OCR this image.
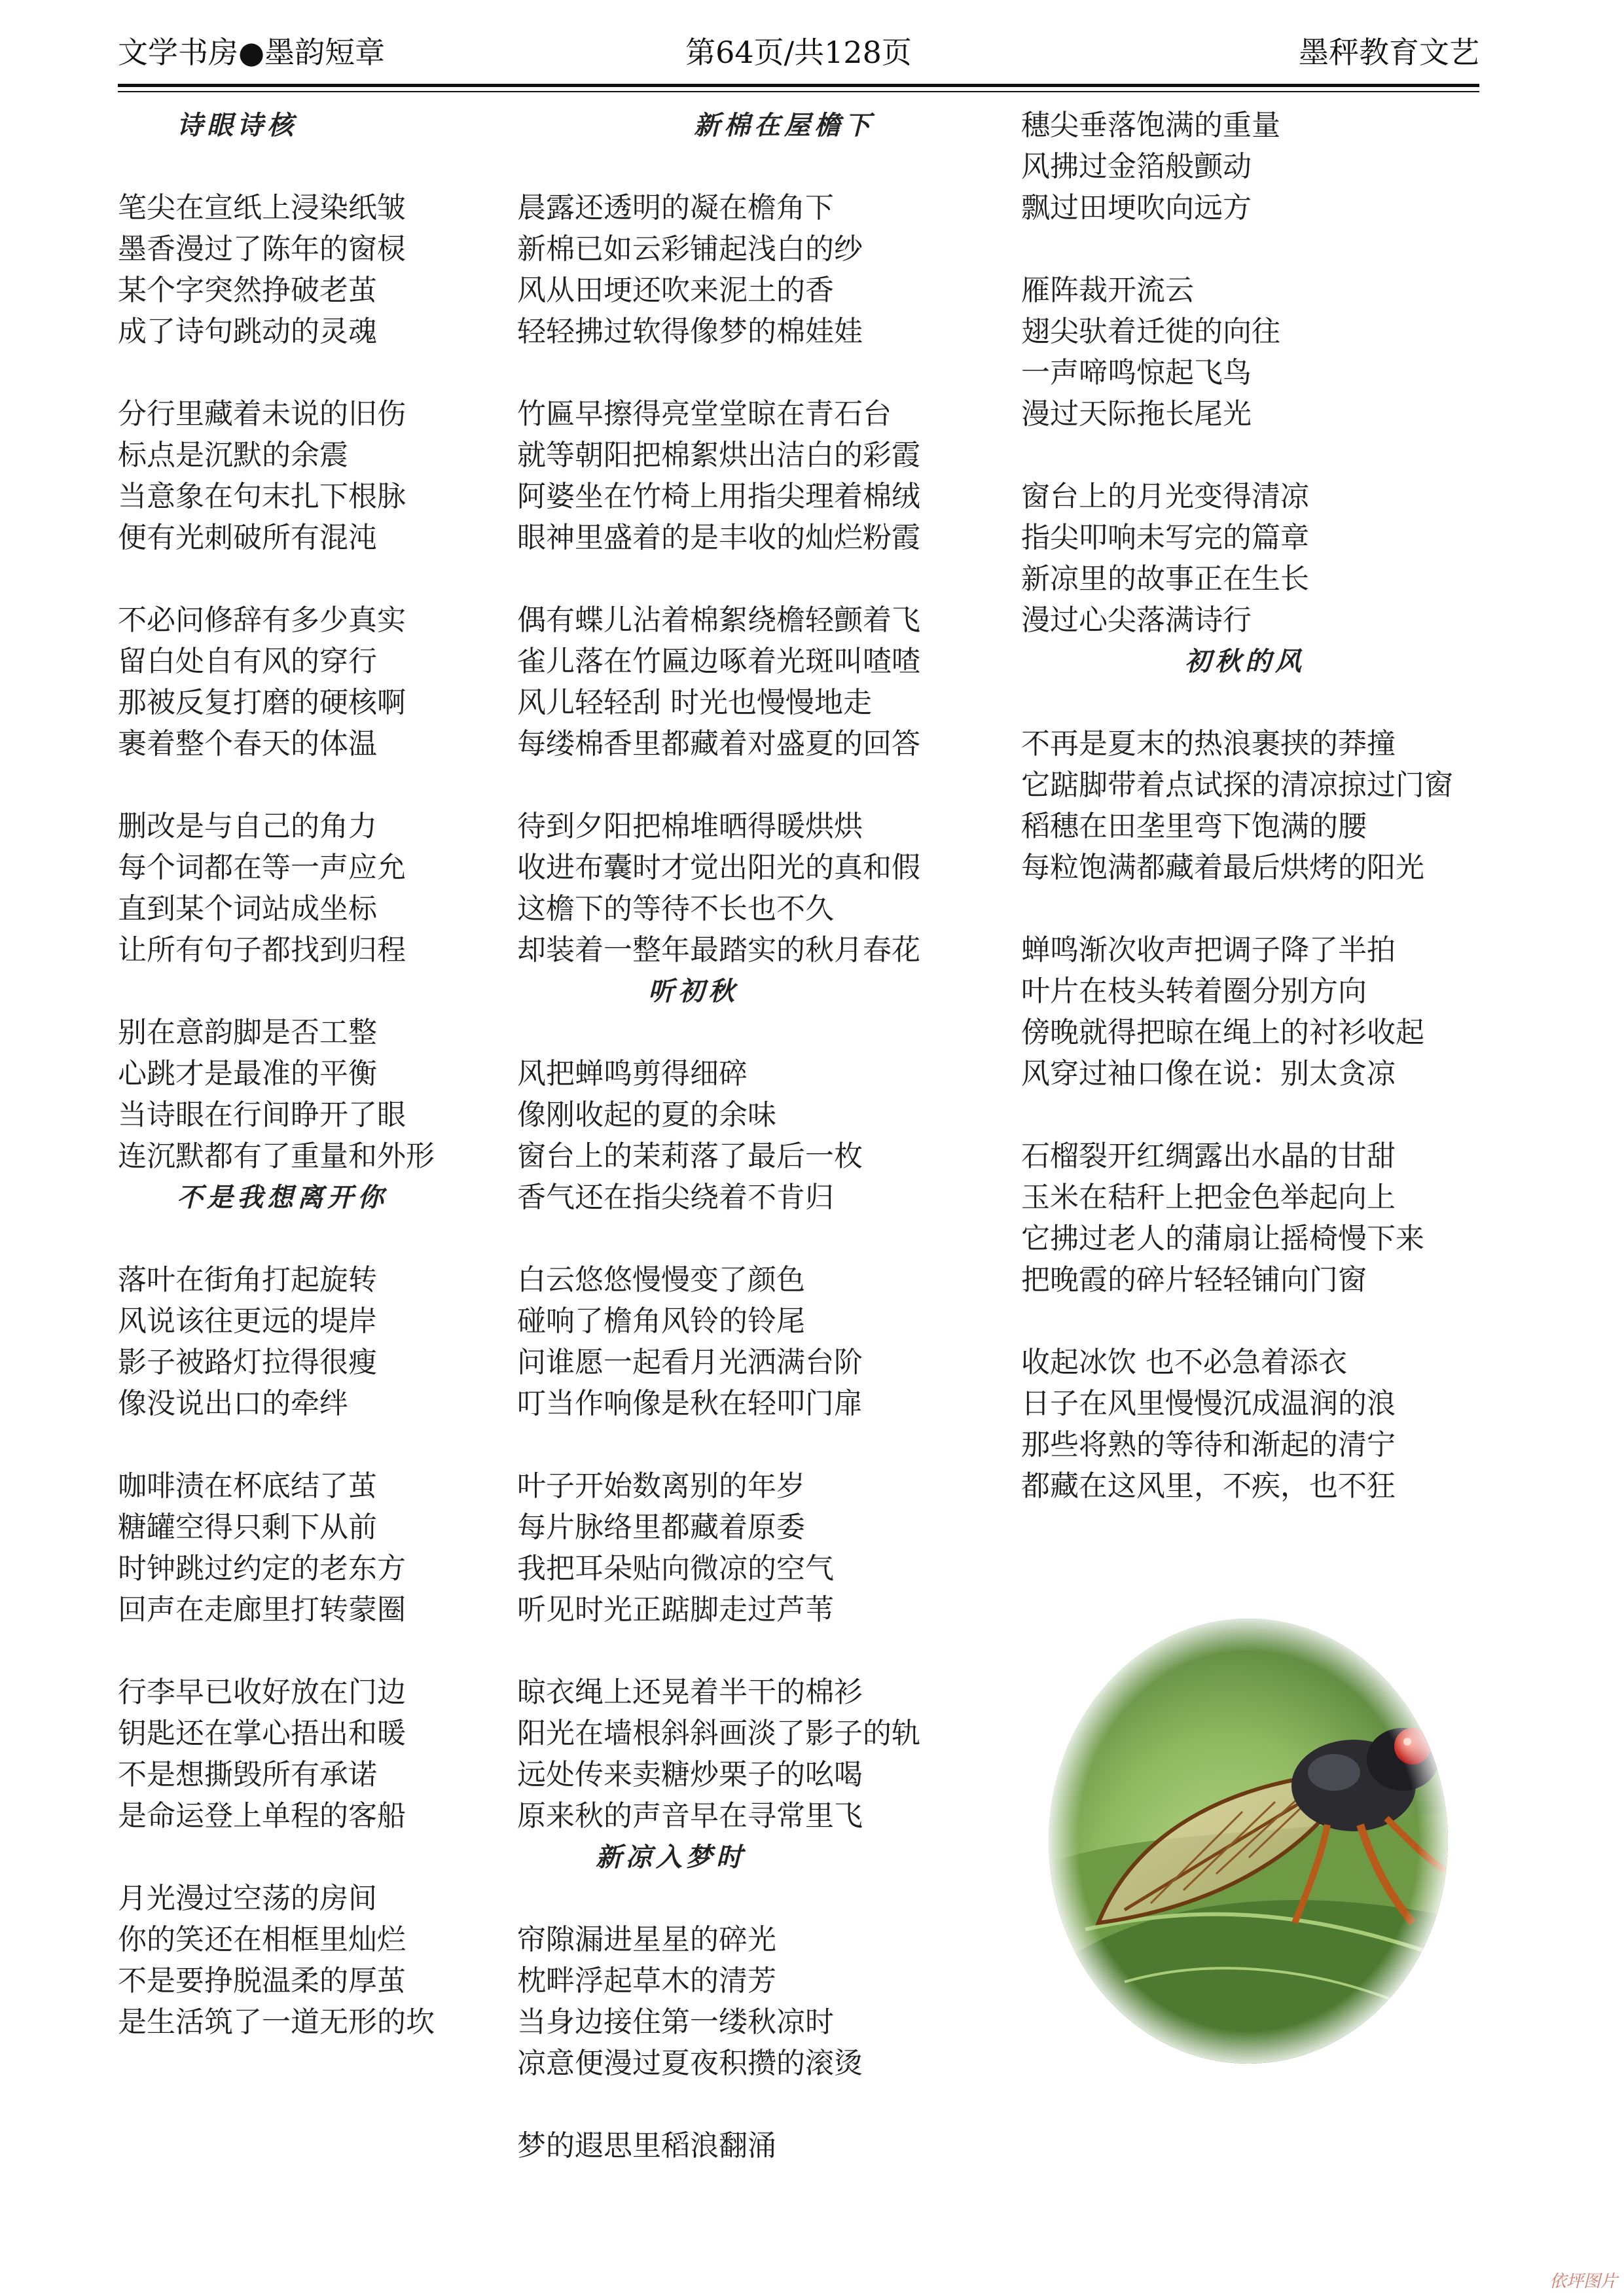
文学书房●墨韵短章	第64页/共128页	墨秤教育文艺
诗眼诗核
笔尖在宣纸上浸染纸皱
墨香漫过了陈年的窗棂
某个字突然挣破老茧
成了诗句跳动的灵魂
分行里藏着未说的旧伤
标点是沉默的余震
当意象在句末扎下根脉
便有光刺破所有混沌
不必问修辞有多少真实
留白处自有风的穿行
那被反复打磨的硬核啊
裹着整个春天的体温
删改是与自己的角力
每个词都在等一声应允
直到某个词站成坐标
让所有句子都找到归程
别在意韵脚是否工整
心跳才是最准的平衡
当诗眼在行间睁开了眼
连沉默都有了重量和外形
不是我想离开你
落叶在街角打起旋转
风说该往更远的堤岸
影子被路灯拉得很瘦
像没说出口的牵绊
咖啡渍在杯底结了茧
糖罐空得只剩下从前
时钟跳过约定的老东方
回声在走廊里打转蒙圈
行李早已收好放在门边
钥匙还在掌心捂出和暖
不是想撕毁所有承诺
是命运登上单程的客船
月光漫过空荡的房间
你的笑还在相框里灿烂
不是要挣脱温柔的厚茧
是生活筑了一道无形的坎
新棉在屋檐下
晨露还透明的凝在檐角下
新棉已如云彩铺起浅白的纱
风从田埂还吹来泥土的香
轻轻拂过软得像梦的棉娃娃
竹匾早擦得亮堂堂晾在青石台
就等朝阳把棉絮烘出洁白的彩霞
阿婆坐在竹椅上用指尖理着棉绒
眼神里盛着的是丰收的灿烂粉霞
偶有蝶儿沾着棉絮绕檐轻颤着飞
雀儿落在竹匾边啄着光斑叫喳喳
风儿轻轻刮 时光也慢慢地走
每缕棉香里都藏着对盛夏的回答
待到夕阳把棉堆晒得暖烘烘
收进布囊时才觉出阳光的真和假
这檐下的等待不长也不久
却装着一整年最踏实的秋月春花
听初秋
风把蝉鸣剪得细碎
像刚收起的夏的余味
窗台上的茉莉落了最后一枚
香气还在指尖绕着不肯归
白云悠悠慢慢变了颜色
碰响了檐角风铃的铃尾
问谁愿一起看月光洒满台阶
叮当作响像是秋在轻叩门扉
叶子开始数离别的年岁
每片脉络里都藏着原委
我把耳朵贴向微凉的空气
听见时光正踮脚走过芦苇
晾衣绳上还晃着半干的棉衫
阳光在墙根斜斜画淡了影子的轨
远处传来卖糖炒栗子的吆喝
原来秋的声音早在寻常里飞
新凉入梦时
帘隙漏进星星的碎光
枕畔浮起草木的清芳
当身边接住第一缕秋凉时
凉意便漫过夏夜积攒的滚烫
梦的遐思里稻浪翻涌
穗尖垂落饱满的重量
风拂过金箔般颤动
飘过田埂吹向远方
雁阵裁开流云
翅尖驮着迁徙的向往
一声啼鸣惊起飞鸟
漫过天际拖长尾光
窗台上的月光变得清凉
指尖叩响未写完的篇章
新凉里的故事正在生长
漫过心尖落满诗行
初秋的风
不再是夏末的热浪裹挟的莽撞
它踮脚带着点试探的清凉掠过门窗
稻穗在田垄里弯下饱满的腰
每粒饱满都藏着最后烘烤的阳光
蝉鸣渐次收声把调子降了半拍
叶片在枝头转着圈分别方向
傍晚就得把晾在绳上的衬衫收起
风穿过袖口像在说：别太贪凉
石榴裂开红绸露出水晶的甘甜
玉米在秸秆上把金色举起向上
它拂过老人的蒲扇让摇椅慢下来
把晚霞的碎片轻轻铺向门窗
收起冰饮 也不必急着添衣
日子在风里慢慢沉成温润的浪
那些将熟的等待和渐起的清宁
都藏在这风里，不疾，也不狂
依坪图片
